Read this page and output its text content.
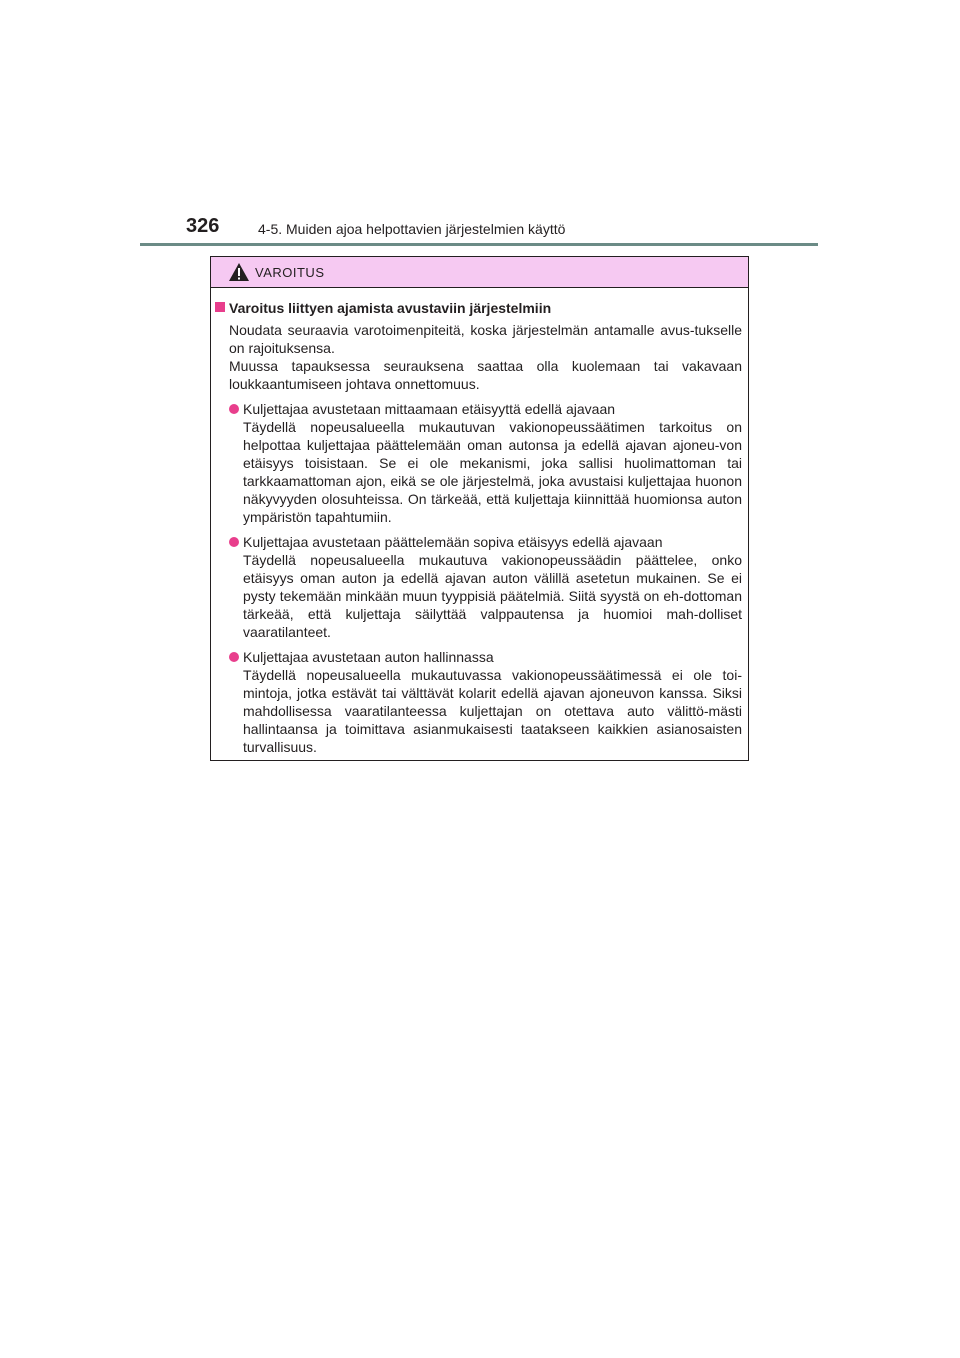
326	4-5. Muiden ajoa helpottavien järjestelmien käyttö
VAROITUS
Varoitus liittyen ajamista avustaviin järjestelmiin
Noudata seuraavia varotoimenpiteitä, koska järjestelmän antamalle avus-tukselle on rajoituksensa.
Muussa tapauksessa seurauksena saattaa olla kuolemaan tai vakavaan loukkaantumiseen johtava onnettomuus.
Kuljettajaa avustetaan mittaamaan etäisyyttä edellä ajavaan
Täydellä nopeusalueella mukautuvan vakionopeussäätimen tarkoitus on helpottaa kuljettajaa päättelemään oman autonsa ja edellä ajavan ajoneu-von etäisyys toisistaan. Se ei ole mekanismi, joka sallisi huolimattoman tai tarkkaamattoman ajon, eikä se ole järjestelmä, joka avustaisi kuljettajaa huonon näkyvyyden olosuhteissa. On tärkeää, että kuljettaja kiinnittää huomionsa auton ympäristön tapahtumiin.
Kuljettajaa avustetaan päättelemään sopiva etäisyys edellä ajavaan
Täydellä nopeusalueella mukautuva vakionopeussäädin päättelee, onko etäisyys oman auton ja edellä ajavan auton välillä asetetun mukainen. Se ei pysty tekemään minkään muun tyyppisiä päätelmiä. Siitä syystä on eh-dottoman tärkeää, että kuljettaja säilyttää valppautensa ja huomioi mah-dolliset vaaratilanteet.
Kuljettajaa avustetaan auton hallinnassa
Täydellä nopeusalueella mukautuvassa vakionopeussäätimessä ei ole toi-mintoja, jotka estävät tai välttävät kolarit edellä ajavan ajoneuvon kanssa. Siksi mahdollisessa vaaratilanteessa kuljettajan on otettava auto välittö-mästi hallintaansa ja toimittava asianmukaisesti taatakseen kaikkien asianosaisten turvallisuus.
